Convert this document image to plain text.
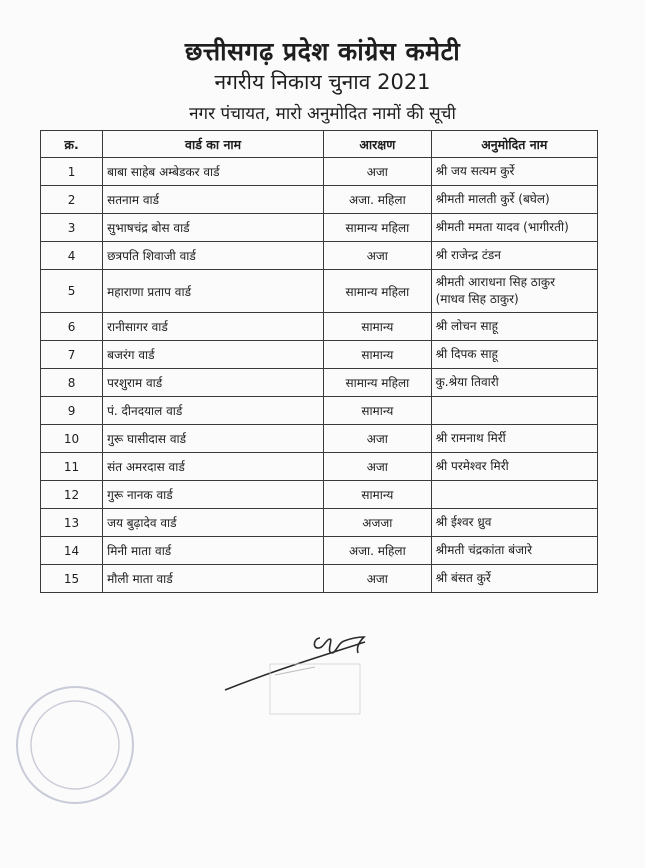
छत्तीसगढ़ प्रदेश कांग्रेस कमेटी
नगरीय निकाय चुनाव 2021
नगर पंचायत, मारो अनुमोदित नामों की सूची
क्र.	वार्ड का नाम	आरक्षण	अनुमोदित नाम
1	बाबा साहेब अम्बेडकर वार्ड	अजा	श्री जय सत्यम कुर्रे
2	सतनाम वार्ड	अजा. महिला	श्रीमती मालती कुर्रे (बघेल)
3	सुभाषचंद्र बोस वार्ड	सामान्य महिला	श्रीमती ममता यादव (भागीरती)
4	छत्रपति शिवाजी वार्ड	अजा	श्री राजेन्द्र टंडन
5	महाराणा प्रताप वार्ड	सामान्य महिला	श्रीमती आराधना सिह ठाकुर
(माधव सिह ठाकुर)
6	रानीसागर वार्ड	सामान्य	श्री लोचन साहू
7	बजरंग वार्ड	सामान्य	श्री दिपक साहू
8	परशुराम वार्ड	सामान्य महिला	कु.श्रेया तिवारी
9	पं. दीनदयाल वार्ड	सामान्य	
10	गुरू घासीदास वार्ड	अजा	श्री रामनाथ मिर्री
11	संत अमरदास वार्ड	अजा	श्री परमेश्वर मिरी
12	गुरू नानक वार्ड	सामान्य	
13	जय बुढ़ादेव वार्ड	अजजा	श्री ईश्वर ध्रुव
14	मिनी माता वार्ड	अजा. महिला	श्रीमती चंद्रकांता बंजारे
15	मौली माता वार्ड	अजा	श्री बंसत कुर्रे
